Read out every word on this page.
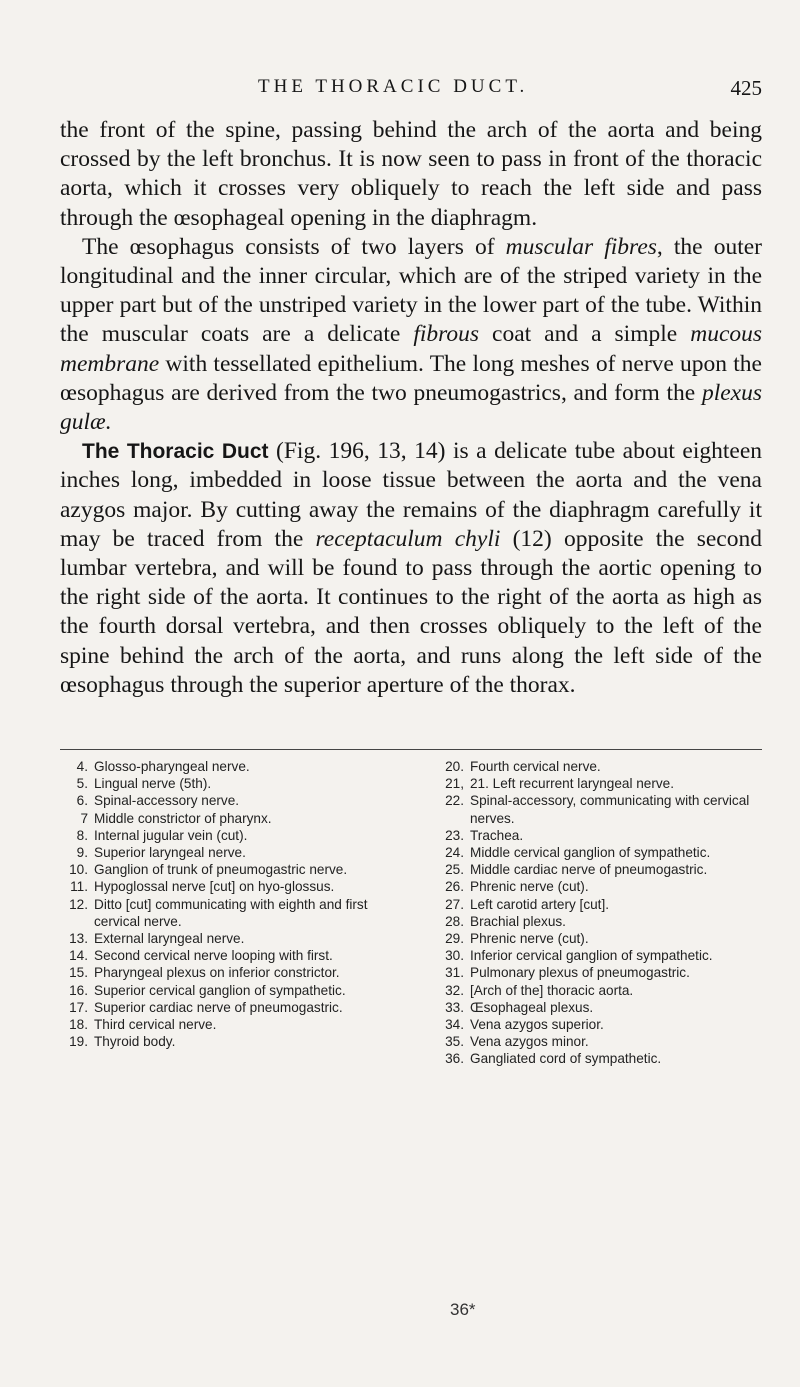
THE THORACIC DUCT.	425

the front of the spine, passing behind the arch of the aorta and being crossed by the left bronchus. It is now seen to pass in front of the thoracic aorta, which it crosses very obliquely to reach the left side and pass through the œsophageal opening in the diaphragm.

The œsophagus consists of two layers of muscular fibres, the outer longitudinal and the inner circular, which are of the striped variety in the upper part but of the unstriped variety in the lower part of the tube. Within the muscular coats are a delicate fibrous coat and a simple mucous membrane with tessellated epithelium. The long meshes of nerve upon the œsophagus are derived from the two pneumogastrics, and form the plexus gulæ.

The Thoracic Duct (Fig. 196, 13, 14) is a delicate tube about eighteen inches long, imbedded in loose tissue between the aorta and the vena azygos major. By cutting away the remains of the diaphragm carefully it may be traced from the receptaculum chyli (12) opposite the second lumbar vertebra, and will be found to pass through the aortic opening to the right side of the aorta. It continues to the right of the aorta as high as the fourth dorsal vertebra, and then crosses obliquely to the left of the spine behind the arch of the aorta, and runs along the left side of the œsophagus through the superior aperture of the thorax.

4. Glosso-pharyngeal nerve.
5. Lingual nerve (5th).
6. Spinal-accessory nerve.
7 Middle constrictor of pharynx.
8. Internal jugular vein (cut).
9. Superior laryngeal nerve.
10. Ganglion of trunk of pneumogastric nerve.
11. Hypoglossal nerve [cut] on hyo-glossus.
12. Ditto [cut] communicating with eighth and first cervical nerve.
13. External laryngeal nerve.
14. Second cervical nerve looping with first.
15. Pharyngeal plexus on inferior constrictor.
16. Superior cervical ganglion of sympathetic.
17. Superior cardiac nerve of pneumogastric.
18. Third cervical nerve.
19. Thyroid body.
20. Fourth cervical nerve.
21, 21. Left recurrent laryngeal nerve.
22. Spinal-accessory, communicating with cervical nerves.
23. Trachea.
24. Middle cervical ganglion of sympathetic.
25. Middle cardiac nerve of pneumogastric.
26. Phrenic nerve (cut).
27. Left carotid artery [cut].
28. Brachial plexus.
29. Phrenic nerve (cut).
30. Inferior cervical ganglion of sympathetic.
31. Pulmonary plexus of pneumogastric.
32. [Arch of the] thoracic aorta.
33. Œsophageal plexus.
34. Vena azygos superior.
35. Vena azygos minor.
36. Gangliated cord of sympathetic.
36*
